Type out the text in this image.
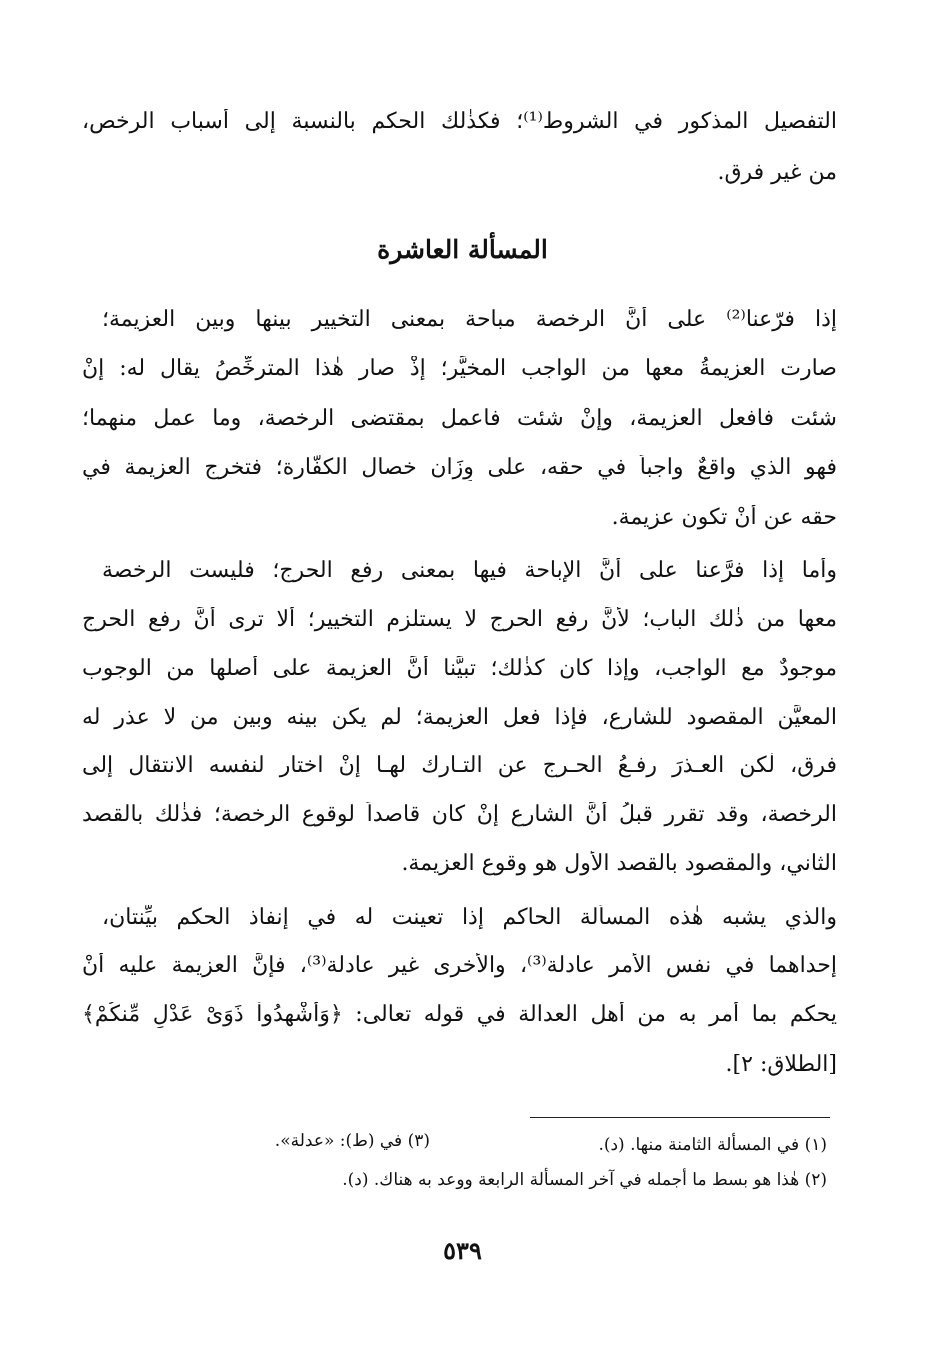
التفصيل المذكور في الشروط⁽¹⁾؛ فكذٰلك الحكم بالنسبة إلى أسباب الرخص،
من غير فرق.
المسألة العاشرة
إذا فرّعنا⁽²⁾ على أنَّ الرخصة مباحة بمعنى التخيير بينها وبين العزيمة؛
صارت العزيمةُ معها من الواجب المخيَّر؛ إذْ صار هٰذا المترخِّصُ يقال له: إنْ
شئت فافعل العزيمة، وإنْ شئت فاعمل بمقتضى الرخصة، وما عمل منهما؛
فهو الذي واقعٌ واجباً في حقه، على وِزَان خصال الكفَّارة؛ فتخرج العزيمة في
حقه عن أنْ تكون عزيمة.
وأما إذا فرَّعنا على أنَّ الإباحة فيها بمعنى رفع الحرج؛ فليست الرخصة
معها من ذٰلك الباب؛ لأنَّ رفع الحرج لا يستلزم التخيير؛ ألا ترى أنَّ رفع الحرج
موجودٌ مع الواجب، وإذا كان كذٰلك؛ تبيَّنا أنَّ العزيمة على أصلها من الوجوب
المعيَّن المقصود للشارع، فإذا فعل العزيمة؛ لم يكن بينه وبين من لا عذر له
فرق، لٰكن العـذرَ رفـعُ الحـرج عن التـارك لهـا إنْ اختار لنفسه الانتقال إلى
الرخصة، وقد تقرر قبلُ أنَّ الشارع إنْ كان قاصداً لوقوع الرخصة؛ فذٰلك بالقصد
الثاني، والمقصود بالقصد الأول هو وقوع العزيمة.
والذي يشبه هٰذه المسألة الحاكم إذا تعينت له في إنفاذ الحكم بيِّنتان،
إحداهما في نفس الأمر عادلة⁽³⁾، والأخرى غير عادلة⁽³⁾، فإنَّ العزيمة عليه أنْ
يحكم بما أُمر به من أهل العدالة في قوله تعالى: ﴿وَأَشْهِدُواْ ذَوَىْ عَدْلٍ مِّنكُمْ﴾
[الطلاق: ٢].
(١) في المسألة الثامنة منها. (د).
(٣) في (ط): «عدلة».
(٢) هٰذا هو بسط ما أجمله في آخر المسألة الرابعة ووعد به هناك. (د).
٥٣٩
